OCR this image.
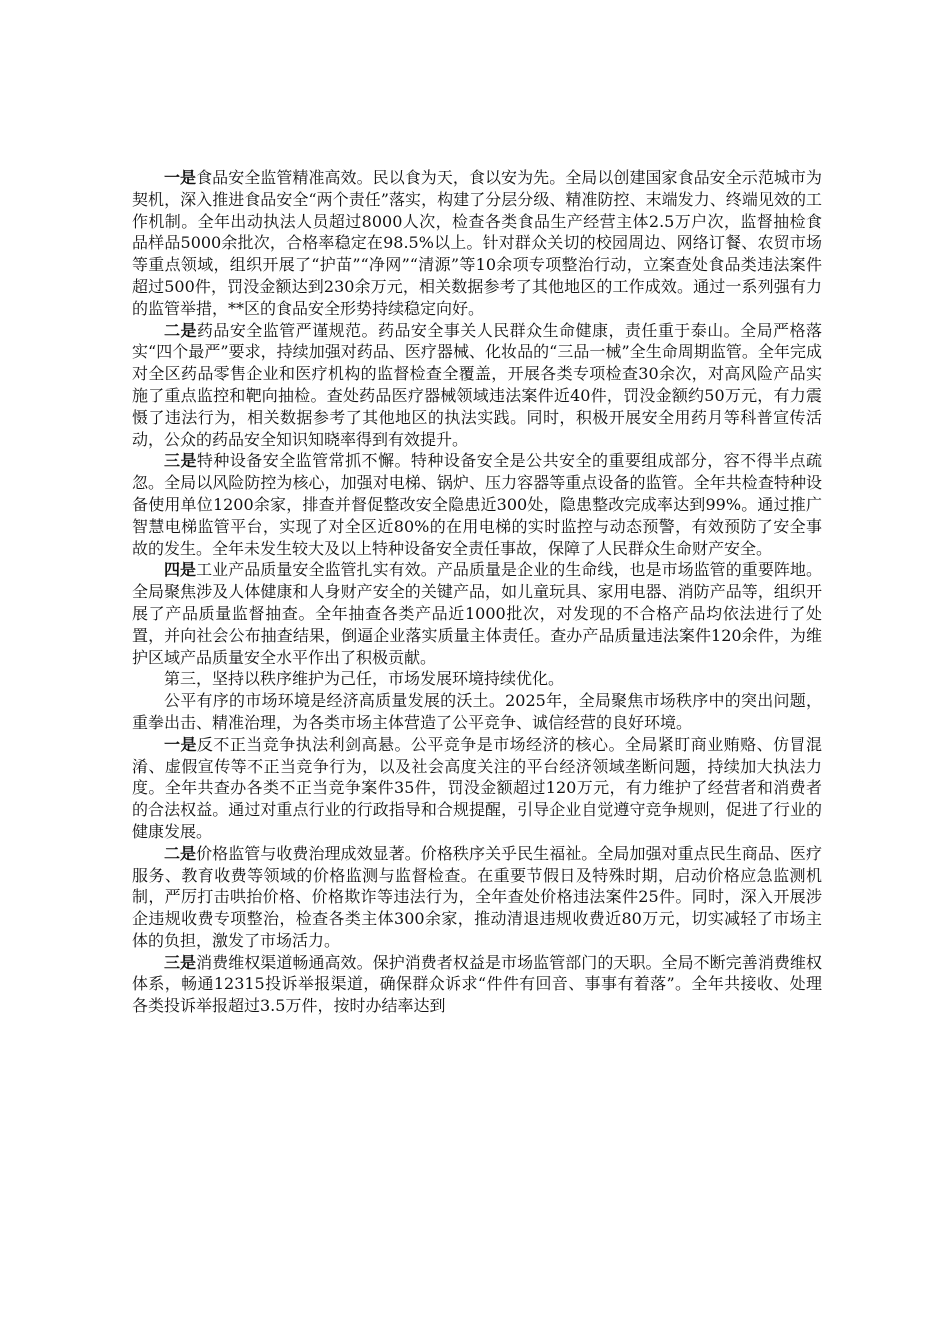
一是食品安全监管精准高效。民以食为天，食以安为先。全局以创建国家食品安全示范城市为契机，深入推进食品安全“两个责任”落实，构建了分层分级、精准防控、末端发力、终端见效的工作机制。全年出动执法人员超过8000人次，检查各类食品生产经营主体2.5万户次，监督抽检食品样品5000余批次，合格率稳定在98.5%以上。针对群众关切的校园周边、网络订餐、农贸市场等重点领域，组织开展了“护苗”“净网”“清源”等10余项专项整治行动，立案查处食品类违法案件超过500件，罚没金额达到230余万元，相关数据参考了其他地区的工作成效。通过一系列强有力的监管举措，**区的食品安全形势持续稳定向好。

二是药品安全监管严谨规范。药品安全事关人民群众生命健康，责任重于泰山。全局严格落实“四个最严”要求，持续加强对药品、医疗器械、化妆品的“三品一械”全生命周期监管。全年完成对全区药品零售企业和医疗机构的监督检查全覆盖，开展各类专项检查30余次，对高风险产品实施了重点监控和靶向抽检。查处药品医疗器械领域违法案件近40件，罚没金额约50万元，有力震慑了违法行为，相关数据参考了其他地区的执法实践。同时，积极开展安全用药月等科普宣传活动，公众的药品安全知识知晓率得到有效提升。

三是特种设备安全监管常抓不懈。特种设备安全是公共安全的重要组成部分，容不得半点疏忽。全局以风险防控为核心，加强对电梯、锅炉、压力容器等重点设备的监管。全年共检查特种设备使用单位1200余家，排查并督促整改安全隐患近300处，隐患整改完成率达到99%。通过推广智慧电梯监管平台，实现了对全区近80%的在用电梯的实时监控与动态预警，有效预防了安全事故的发生。全年未发生较大及以上特种设备安全责任事故，保障了人民群众生命财产安全。

四是工业产品质量安全监管扎实有效。产品质量是企业的生命线，也是市场监管的重要阵地。全局聚焦涉及人体健康和人身财产安全的关键产品，如儿童玩具、家用电器、消防产品等，组织开展了产品质量监督抽查。全年抽查各类产品近1000批次，对发现的不合格产品均依法进行了处置，并向社会公布抽查结果，倒逼企业落实质量主体责任。查办产品质量违法案件120余件，为维护区域产品质量安全水平作出了积极贡献。

第三，坚持以秩序维护为己任，市场发展环境持续优化。

公平有序的市场环境是经济高质量发展的沃土。2025年，全局聚焦市场秩序中的突出问题，重拳出击、精准治理，为各类市场主体营造了公平竞争、诚信经营的良好环境。

一是反不正当竞争执法利剑高悬。公平竞争是市场经济的核心。全局紧盯商业贿赂、仿冒混淆、虚假宣传等不正当竞争行为，以及社会高度关注的平台经济领域垄断问题，持续加大执法力度。全年共查办各类不正当竞争案件35件，罚没金额超过120万元，有力维护了经营者和消费者的合法权益。通过对重点行业的行政指导和合规提醒，引导企业自觉遵守竞争规则，促进了行业的健康发展。

二是价格监管与收费治理成效显著。价格秩序关乎民生福祉。全局加强对重点民生商品、医疗服务、教育收费等领域的价格监测与监督检查。在重要节假日及特殊时期，启动价格应急监测机制，严厉打击哄抬价格、价格欺诈等违法行为，全年查处价格违法案件25件。同时，深入开展涉企违规收费专项整治，检查各类主体300余家，推动清退违规收费近80万元，切实减轻了市场主体的负担，激发了市场活力。

三是消费维权渠道畅通高效。保护消费者权益是市场监管部门的天职。全局不断完善消费维权体系，畅通12315投诉举报渠道，确保群众诉求“件件有回音、事事有着落”。全年共接收、处理各类投诉举报超过3.5万件，按时办结率达到
